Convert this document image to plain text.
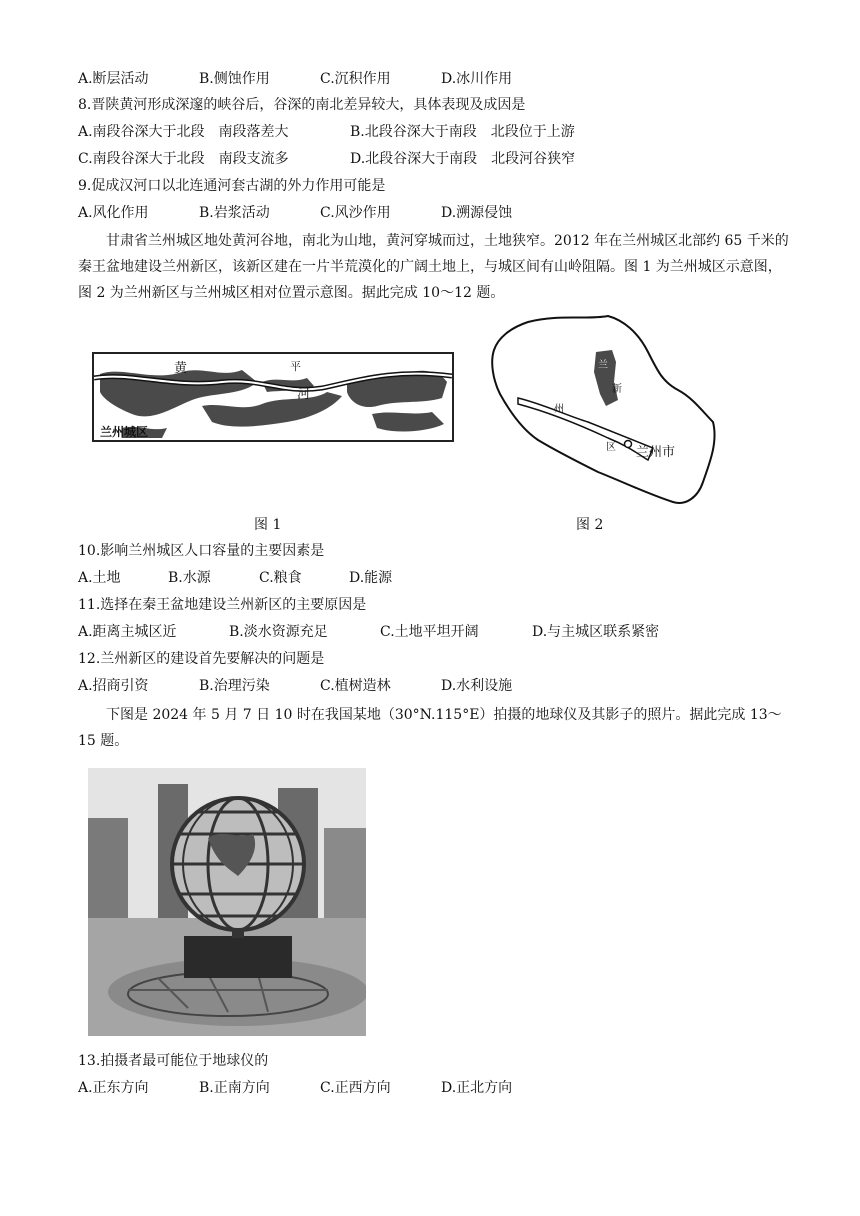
A.断层活动	B.侧蚀作用	C.沉积作用	D.冰川作用
8.晋陕黄河形成深邃的峡谷后，谷深的南北差异较大，具体表现及成因是
A.南段谷深大于北段　南段落差大	B.北段谷深大于南段　北段位于上游
C.南段谷深大于北段　南段支流多	D.北段谷深大于南段　北段河谷狭窄
9.促成汉河口以北连通河套古湖的外力作用可能是
A.风化作用	B.岩浆活动	C.风沙作用	D.溯源侵蚀
甘肃省兰州城区地处黄河谷地，南北为山地，黄河穿城而过，土地狭窄。2012 年在兰州城区北部约 65 千米的秦王盆地建设兰州新区，该新区建在一片半荒漠化的广阔土地上，与城区间有山岭阻隔。图 1 为兰州城区示意图，图 2 为兰州新区与兰州城区相对位置示意图。据此完成 10～12 题。
黄
河
平
兰州城区
图 1
兰
新
州
区 兰州市
图 2
10.影响兰州城区人口容量的主要因素是
A.土地	B.水源	C.粮食	D.能源
11.选择在秦王盆地建设兰州新区的主要原因是
A.距离主城区近	B.淡水资源充足	C.土地平坦开阔	D.与主城区联系紧密
12.兰州新区的建设首先要解决的问题是
A.招商引资	B.治理污染	C.植树造林	D.水利设施
下图是 2024 年 5 月 7 日 10 时在我国某地（30°N.115°E）拍摄的地球仪及其影子的照片。据此完成 13～15 题。
13.拍摄者最可能位于地球仪的
A.正东方向	B.正南方向	C.正西方向	D.正北方向
